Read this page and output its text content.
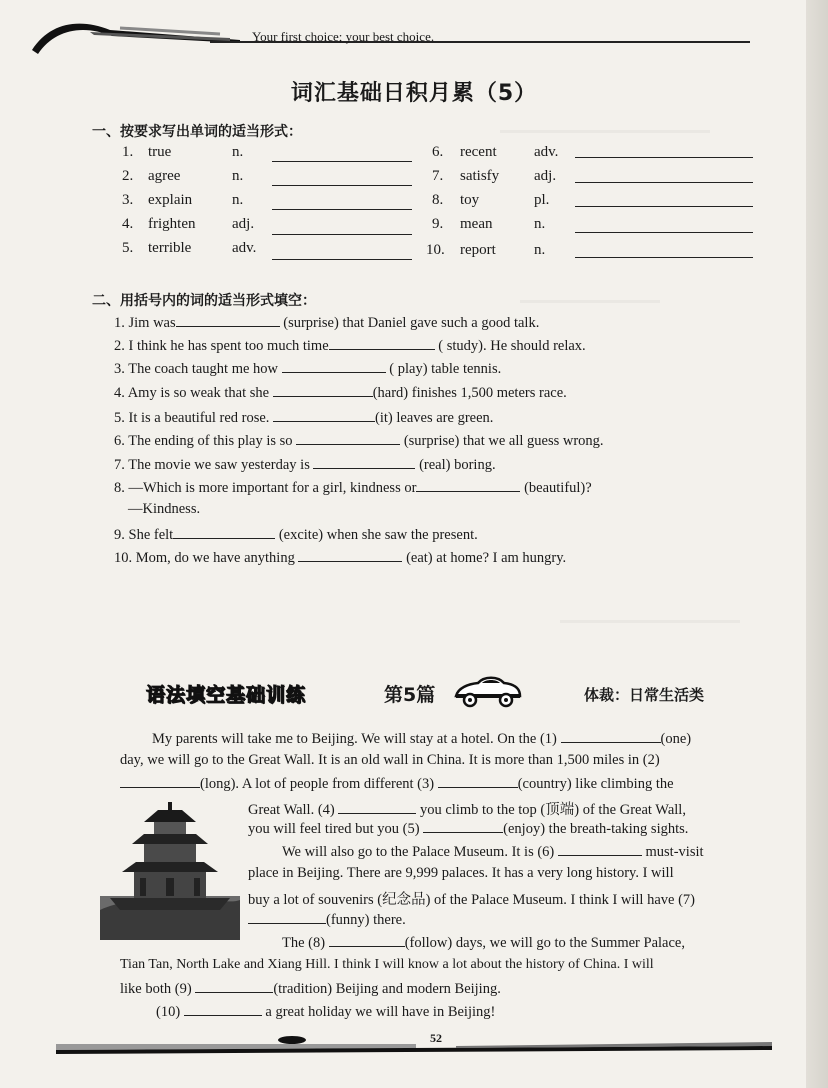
Your first choice; your best choice.
词汇基础日积月累（5）
一、按要求写出单词的适当形式：
1. true	n.
2. agree	n.
3. explain	n.
4. frighten adj.
5. terrible	adv.
6. recent adv.
7. satisfy adj.
8. toy	pl.
9. mean	n.
10. report	n.
二、用括号内的词的适当形式填空：
1. Jim was	(surprise) that Daniel gave such a good talk.
2. I think he has spent too much time	( study). He should relax.
3. The coach taught me how	( play) table tennis.
4. Amy is so weak that she	(hard) finishes 1,500 meters race.
5. It is a beautiful red rose.	(it) leaves are green.
6. The ending of this play is so	(surprise) that we all guess wrong.
7. The movie we saw yesterday is	(real) boring.
8. —Which is more important for a girl, kindness or	(beautiful)?
—Kindness.
9. She felt	(excite) when she saw the present.
10. Mom, do we have anything	(eat) at home? I am hungry.
语法填空基础训练	第5篇	体裁：日常生活类
My parents will take me to Beijing. We will stay at a hotel. On the (1)	(one)
day, we will go to the Great Wall. It is an old wall in China. It is more than 1,500 miles in (2)
(long). A lot of people from different (3)	(country) like climbing the
Great Wall. (4)	you climb to the top (顶端) of the Great Wall,
you will feel tired but you (5)	(enjoy) the breath-taking sights.
We will also go to the Palace Museum. It is (6)	must-visit
place in Beijing. There are 9,999 palaces. It has a very long history. I will
buy a lot of souvenirs (纪念品) of the Palace Museum. I think I will have (7)
(funny) there.
The (8)	(follow) days, we will go to the Summer Palace,
Tian Tan, North Lake and Xiang Hill. I think I will know a lot about the history of China. I will
like both (9)	(tradition) Beijing and modern Beijing.
(10)	a great holiday we will have in Beijing!
52
